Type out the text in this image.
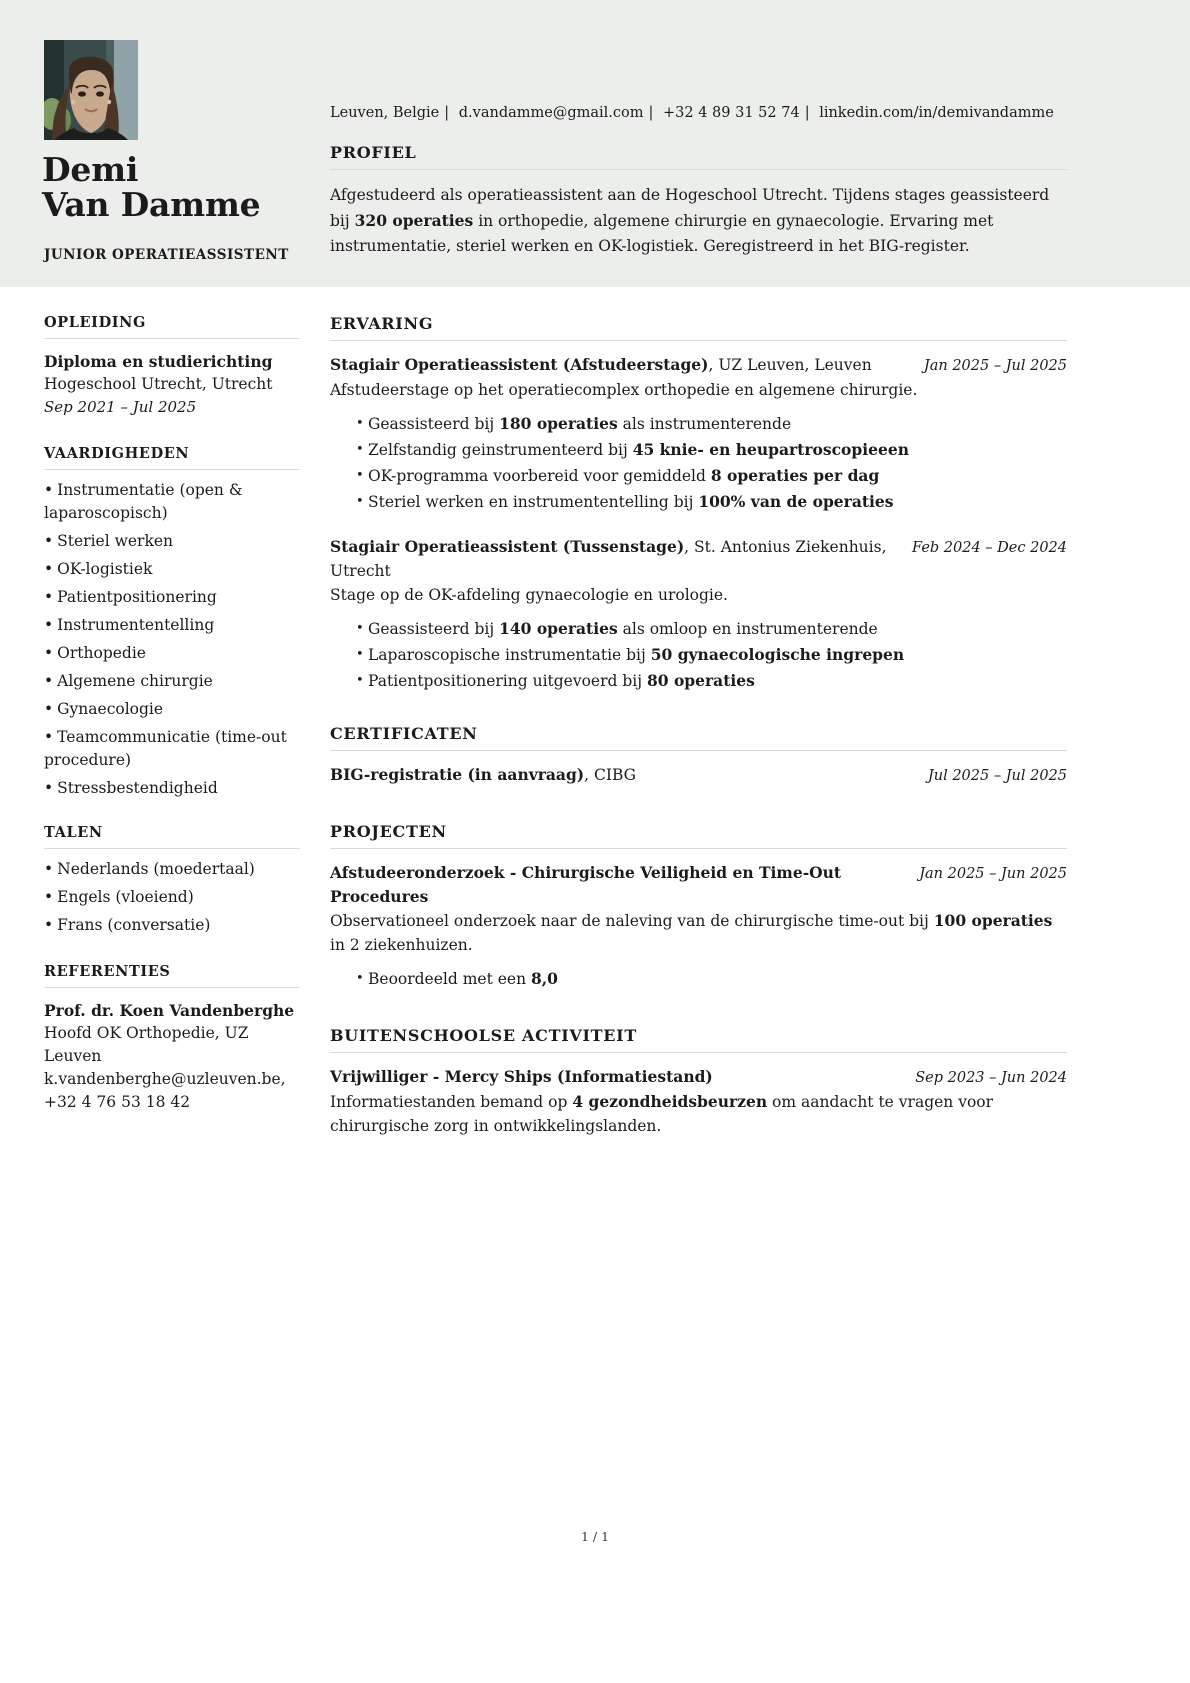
Demi
Van Damme
JUNIOR OPERATIEASSISTENT
Leuven, Belgie | d.vandamme@gmail.com | +32 4 89 31 52 74 | linkedin.com/in/demivandamme
PROFIEL
Afgestudeerd als operatieassistent aan de Hogeschool Utrecht. Tijdens stages geassisteerd bij 320 operaties in orthopedie, algemene chirurgie en gynaecologie. Ervaring met instrumentatie, steriel werken en OK-logistiek. Geregistreerd in het BIG-register.
OPLEIDING
Diploma en studierichting
Hogeschool Utrecht, Utrecht
Sep 2021 – Jul 2025
VAARDIGHEDEN
• Instrumentatie (open & laparoscopisch)
• Steriel werken
• OK-logistiek
• Patientpositionering
• Instrumententelling
• Orthopedie
• Algemene chirurgie
• Gynaecologie
• Teamcommunicatie (time-out procedure)
• Stressbestendigheid
TALEN
• Nederlands (moedertaal)
• Engels (vloeiend)
• Frans (conversatie)
REFERENTIES
Prof. dr. Koen Vandenberghe
Hoofd OK Orthopedie, UZ Leuven
k.vandenberghe@uzleuven.be, +32 4 76 53 18 42
ERVARING
Stagiair Operatieassistent (Afstudeerstage), UZ Leuven, Leuven	Jan 2025 – Jul 2025
Afstudeerstage op het operatiecomplex orthopedie en algemene chirurgie.
• Geassisteerd bij 180 operaties als instrumenterende
• Zelfstandig geinstrumenteerd bij 45 knie- en heupartroscopieeen
• OK-programma voorbereid voor gemiddeld 8 operaties per dag
• Steriel werken en instrumententelling bij 100% van de operaties
Stagiair Operatieassistent (Tussenstage), St. Antonius Ziekenhuis, Utrecht
Feb 2024 – Dec 2024
Stage op de OK-afdeling gynaecologie en urologie.
• Geassisteerd bij 140 operaties als omloop en instrumenterende
• Laparoscopische instrumentatie bij 50 gynaecologische ingrepen
• Patientpositionering uitgevoerd bij 80 operaties
CERTIFICATEN
BIG-registratie (in aanvraag), CIBG	Jul 2025 – Jul 2025
PROJECTEN
Afstudeeronderzoek - Chirurgische Veiligheid en Time-Out Procedures
Jan 2025 – Jun 2025
Observationeel onderzoek naar de naleving van de chirurgische time-out bij 100 operaties in 2 ziekenhuizen.
• Beoordeeld met een 8,0
BUITENSCHOOLSE ACTIVITEIT
Vrijwilliger - Mercy Ships (Informatiestand)	Sep 2023 – Jun 2024
Informatiestanden bemand op 4 gezondheidsbeurzen om aandacht te vragen voor chirurgische zorg in ontwikkelingslanden.
1 / 1
